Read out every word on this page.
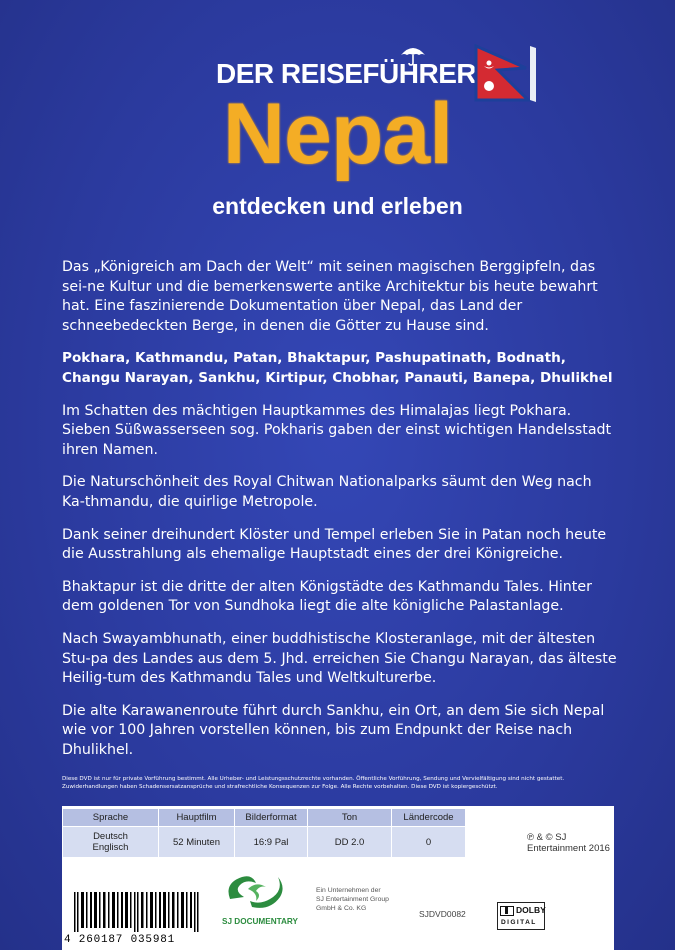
DER REISEFÜHRER
Nepal
entdecken und erleben

Das „Königreich am Dach der Welt“ mit seinen magischen Berggipfeln, das sei-ne Kultur und die bemerkenswerte antike Architektur bis heute bewahrt hat. Eine faszinierende Dokumentation über Nepal, das Land der schneebedeckten Berge, in denen die Götter zu Hause sind.

Pokhara, Kathmandu, Patan, Bhaktapur, Pashupatinath, Bodnath, Changu Narayan, Sankhu, Kirtipur, Chobhar, Panauti, Banepa, Dhulikhel

Im Schatten des mächtigen Hauptkammes des Himalajas liegt Pokhara. Sieben Süßwasserseen sog. Pokharis gaben der einst wichtigen Handelsstadt ihren Namen.

Die Naturschönheit des Royal Chitwan Nationalparks säumt den Weg nach Ka-thmandu, die quirlige Metropole.

Dank seiner dreihundert Klöster und Tempel erleben Sie in Patan noch heute die Ausstrahlung als ehemalige Hauptstadt eines der drei Königreiche.

Bhaktapur ist die dritte der alten Königstädte des Kathmandu Tales. Hinter dem goldenen Tor von Sundhoka liegt die alte königliche Palastanlage.

Nach Swayambhunath, einer buddhistische Klosteranlage, mit der ältesten Stu-pa des Landes aus dem 5. Jhd. erreichen Sie Changu Narayan, das älteste Heilig-tum des Kathmandu Tales und Weltkulturerbe.

Die alte Karawanenroute führt durch Sankhu, ein Ort, an dem Sie sich Nepal wie vor 100 Jahren vorstellen können, bis zum Endpunkt der Reise nach Dhulikhel.

Diese DVD ist nur für private Vorführung bestimmt. Alle Urheber- und Leistungsschutzrechte vorhanden. Öffentliche Vorführung, Sendung und Vervielfältigung sind nicht gestattet.
Zuwiderhandlungen haben Schadensersatzansprüche und strafrechtliche Konsequenzen zur Folge. Alle Rechte vorbehalten. Diese DVD ist kopiergeschützt.
Sprache	Hauptfilm	Bilderformat	Ton	Ländercode

Deutsch
Englisch	52 Minuten	16:9 Pal	DD 2.0	0	℗ & © SJ Entertainment 2016
4 260187 035981
SJ DOCUMENTARY
Ein Unternehmen der
SJ Entertainment Group
GmbH & Co. KG
SJDVD0082	DOLBY
DIGITAL
